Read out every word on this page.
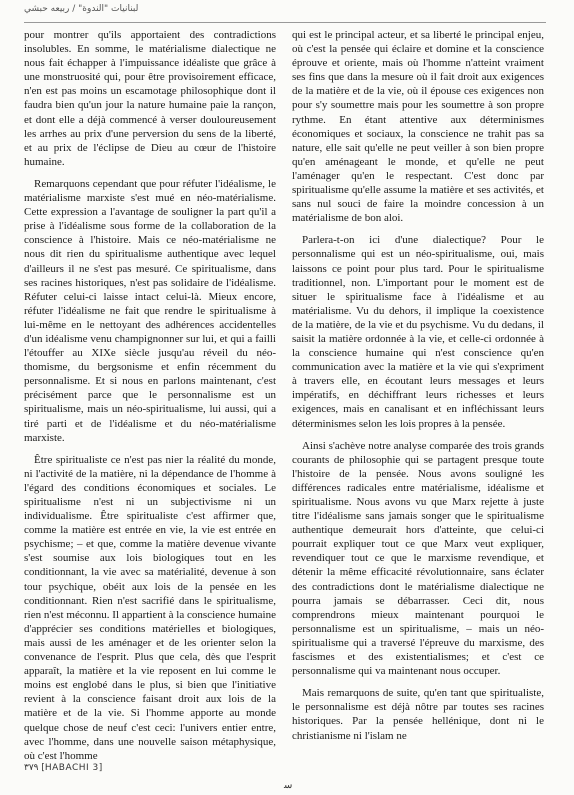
لبنانيات "الندوة" / ربيعه حبشي

pour montrer qu'ils apportaient des contradictions insolubles. En somme, le matérialisme dialectique ne nous fait échapper à l'impuissance idéaliste que grâce à une monstruosité qui, pour être provisoirement efficace, n'en est pas moins un escamotage philosophique dont il faudra bien qu'un jour la nature humaine paie la rançon, et dont elle a déjà commencé à verser douloureusement les arrhes au prix d'une perversion du sens de la liberté, et au prix de l'éclipse de Dieu au cœur de l'histoire humaine.

Remarquons cependant que pour réfuter l'idéalisme, le matérialisme marxiste s'est mué en néo-matérialisme. Cette expression a l'avantage de souligner la part qu'il a prise à l'idéalisme sous forme de la collaboration de la conscience à l'histoire. Mais ce néo-matérialisme ne nous dit rien du spiritualisme authentique avec lequel d'ailleurs il ne s'est pas mesuré. Ce spiritualisme, dans ses racines historiques, n'est pas solidaire de l'idéalisme. Réfuter celui-ci laisse intact celui-là. Mieux encore, réfuter l'idéalisme ne fait que rendre le spiritualisme à lui-même en le nettoyant des adhérences accidentelles d'un idéalisme venu champignonner sur lui, et qui a failli l'étouffer au XIXe siècle jusqu'au réveil du néo-thomisme, du bergsonisme et enfin récemment du personnalisme. Et si nous en parlons maintenant, c'est précisément parce que le personnalisme est un spiritualisme, mais un néo-spiritualisme, lui aussi, qui a tiré parti et de l'idéalisme et du néo-matérialisme marxiste.

Être spiritualiste ce n'est pas nier la réalité du monde, ni l'activité de la matière, ni la dépendance de l'homme à l'égard des conditions économiques et sociales. Le spiritualisme n'est ni un subjectivisme ni un individualisme. Être spiritualiste c'est affirmer que, comme la matière est entrée en vie, la vie est entrée en psychisme; – et que, comme la matière devenue vivante s'est soumise aux lois biologiques tout en les conditionnant, la vie avec sa matérialité, devenue à son tour psychique, obéit aux lois de la pensée en les conditionnant. Rien n'est sacrifié dans le spiritualisme, rien n'est méconnu. Il appartient à la conscience humaine d'apprécier ses conditions matérielles et biologiques, mais aussi de les aménager et de les orienter selon la convenance de l'esprit. Plus que cela, dès que l'esprit apparaît, la matière et la vie reposent en lui comme le moins est englobé dans le plus, si bien que l'initiative revient à la conscience faisant droit aux lois de la matière et de la vie. Si l'homme apporte au monde quelque chose de neuf c'est ceci: l'univers entier entre, avec l'homme, dans une nouvelle saison métaphysique, où c'est l'homme

qui est le principal acteur, et sa liberté le principal enjeu, où c'est la pensée qui éclaire et domine et la conscience éprouve et oriente, mais où l'homme n'atteint vraiment ses fins que dans la mesure où il fait droit aux exigences de la matière et de la vie, où il épouse ces exigences non pour s'y soumettre mais pour les soumettre à son propre rythme. En étant attentive aux déterminismes économiques et sociaux, la conscience ne trahit pas sa nature, elle sait qu'elle ne peut veiller à son bien propre qu'en aménageant le monde, et qu'elle ne peut l'aménager qu'en le respectant. C'est donc par spiritualisme qu'elle assume la matière et ses activités, et sans nul souci de faire la moindre concession à un matérialisme de bon aloi.

Parlera-t-on ici d'une dialectique? Pour le personnalisme qui est un néo-spiritualisme, oui, mais laissons ce point pour plus tard. Pour le spiritualisme traditionnel, non. L'important pour le moment est de situer le spiritualisme face à l'idéalisme et au matérialisme. Vu du dehors, il implique la coexistence de la matière, de la vie et du psychisme. Vu du dedans, il saisit la matière ordonnée à la vie, et celle-ci ordonnée à la conscience humaine qui n'est conscience qu'en communication avec la matière et la vie qui s'expriment à travers elle, en écoutant leurs messages et leurs impératifs, en déchiffrant leurs richesses et leurs exigences, mais en canalisant et en infléchissant leurs déterminismes selon les lois propres à la pensée.

Ainsi s'achève notre analyse comparée des trois grands courants de philosophie qui se partagent presque toute l'histoire de la pensée. Nous avons souligné les différences radicales entre matérialisme, idéalisme et spiritualisme. Nous avons vu que Marx rejette à juste titre l'idéalisme sans jamais songer que le spiritualisme authentique demeurait hors d'atteinte, que celui-ci pourrait expliquer tout ce que Marx veut expliquer, revendiquer tout ce que le marxisme revendique, et détenir la même efficacité révolutionnaire, sans éclater des contradictions dont le matérialisme dialectique ne pourra jamais se débarrasser. Ceci dit, nous comprendrons mieux maintenant pourquoi le personnalisme est un spiritualisme, – mais un néo-spiritualisme qui a traversé l'épreuve du marxisme, des fascismes et des existentialismes; et c'est ce personnalisme qui va maintenant nous occuper.

Mais remarquons de suite, qu'en tant que spiritualiste, le personnalisme est déjà nôtre par toutes ses racines historiques. Par la pensée hellénique, dont ni le christianisme ni l'islam ne

٣٧٩ [HABACHI 3]
ﺳ
